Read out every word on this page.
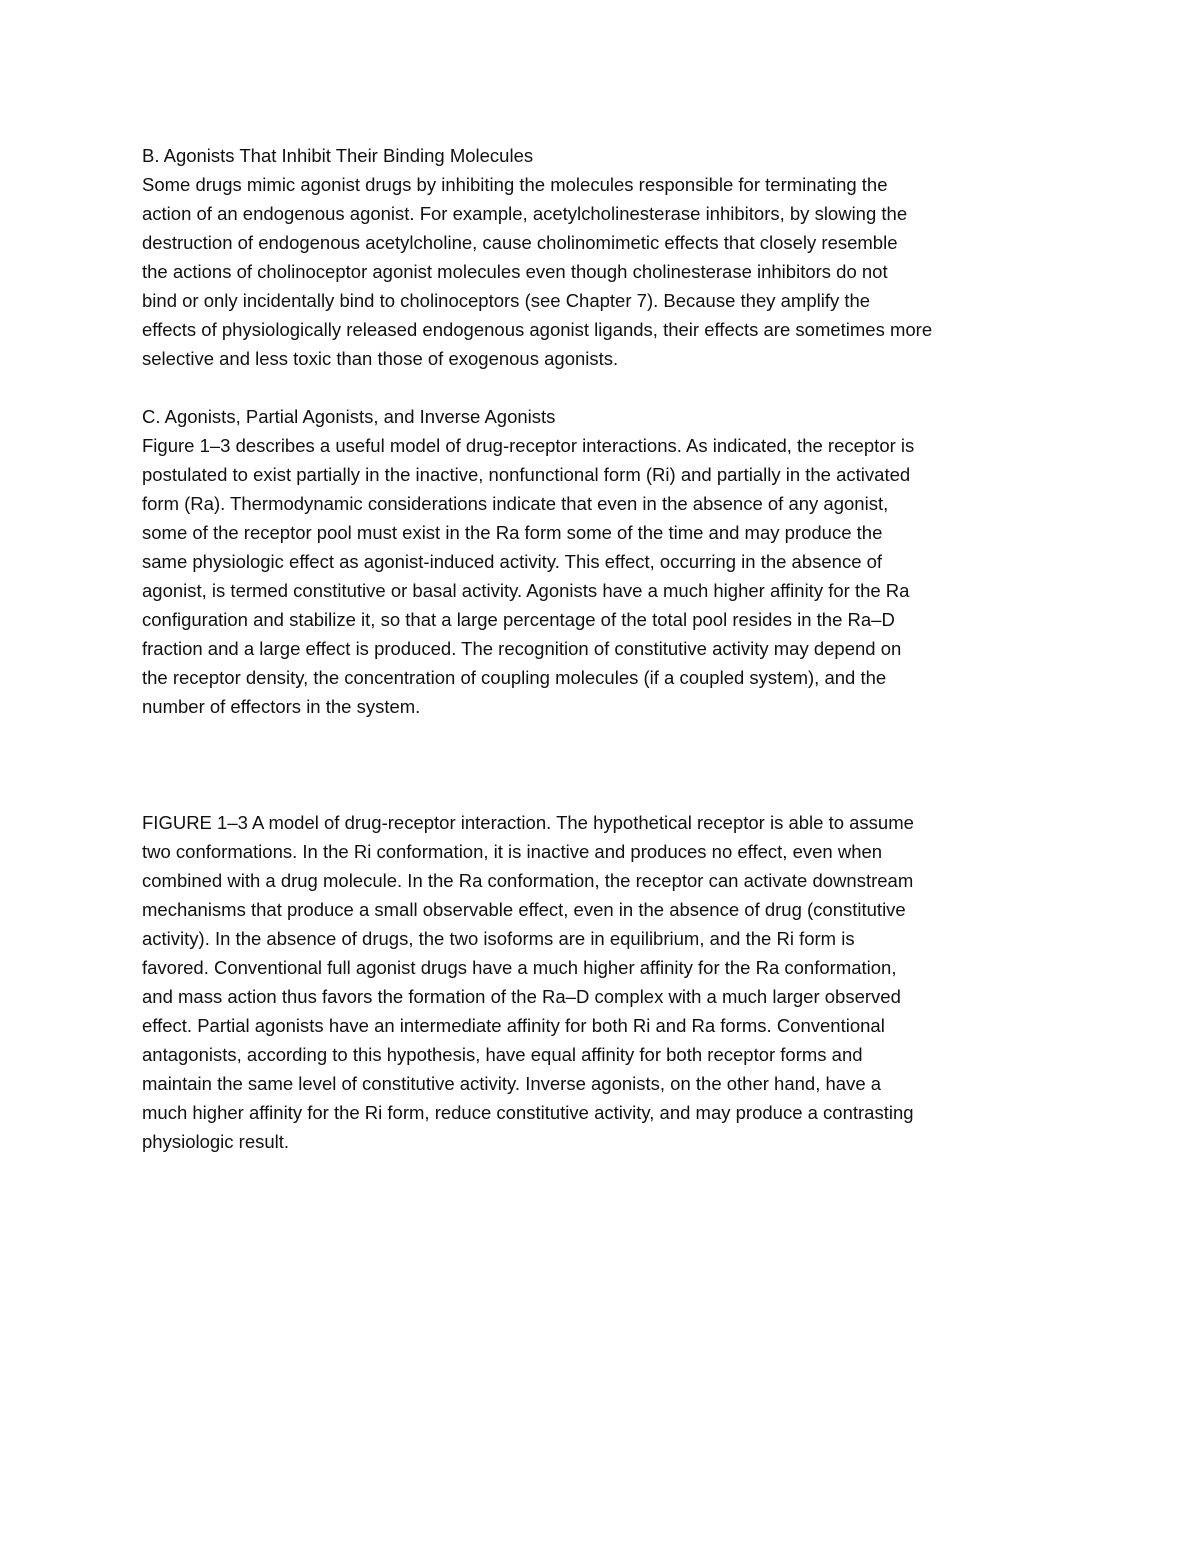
B. Agonists That Inhibit Their Binding Molecules
Some drugs mimic agonist drugs by inhibiting the molecules responsible for terminating the
action of an endogenous agonist. For example, acetylcholinesterase inhibitors, by slowing the
destruction of endogenous acetylcholine, cause cholinomimetic effects that closely resemble
the actions of cholinoceptor agonist molecules even though cholinesterase inhibitors do not
bind or only incidentally bind to cholinoceptors (see Chapter 7). Because they amplify the
effects of physiologically released endogenous agonist ligands, their effects are sometimes more
selective and less toxic than those of exogenous agonists.
C. Agonists, Partial Agonists, and Inverse Agonists
Figure 1–3 describes a useful model of drug-receptor interactions. As indicated, the receptor is
postulated to exist partially in the inactive, nonfunctional form (Ri) and partially in the activated
form (Ra). Thermodynamic considerations indicate that even in the absence of any agonist,
some of the receptor pool must exist in the Ra form some of the time and may produce the
same physiologic effect as agonist-induced activity. This effect, occurring in the absence of
agonist, is termed constitutive or basal activity. Agonists have a much higher affinity for the Ra
configuration and stabilize it, so that a large percentage of the total pool resides in the Ra–D
fraction and a large effect is produced. The recognition of constitutive activity may depend on
the receptor density, the concentration of coupling molecules (if a coupled system), and the
number of effectors in the system.
FIGURE 1–3 A model of drug-receptor interaction. The hypothetical receptor is able to assume
two conformations. In the Ri conformation, it is inactive and produces no effect, even when
combined with a drug molecule. In the Ra conformation, the receptor can activate downstream
mechanisms that produce a small observable effect, even in the absence of drug (constitutive
activity). In the absence of drugs, the two isoforms are in equilibrium, and the Ri form is
favored. Conventional full agonist drugs have a much higher affinity for the Ra conformation,
and mass action thus favors the formation of the Ra–D complex with a much larger observed
effect. Partial agonists have an intermediate affinity for both Ri and Ra forms. Conventional
antagonists, according to this hypothesis, have equal affinity for both receptor forms and
maintain the same level of constitutive activity. Inverse agonists, on the other hand, have a
much higher affinity for the Ri form, reduce constitutive activity, and may produce a contrasting
physiologic result.
